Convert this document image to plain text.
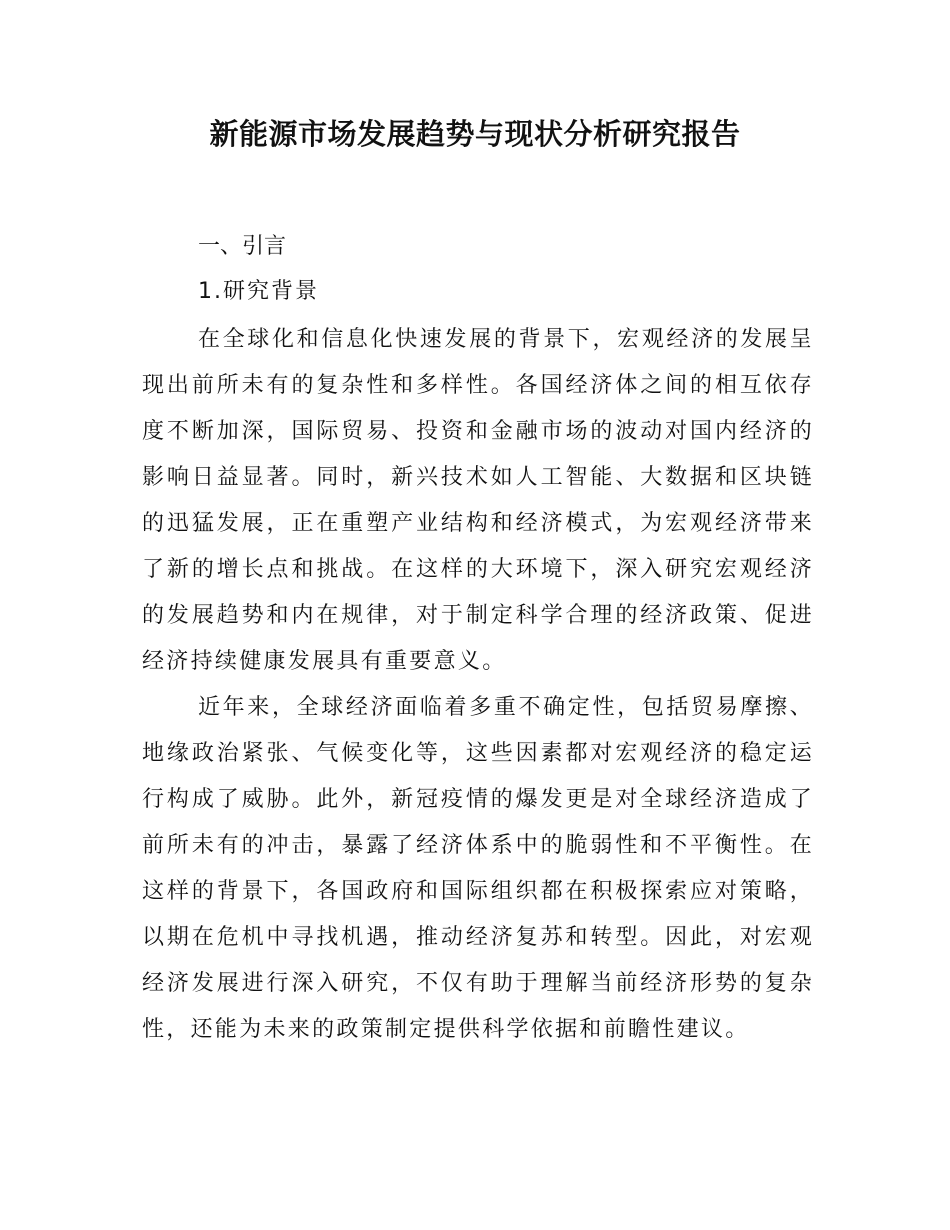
新能源市场发展趋势与现状分析研究报告
一、引言
1.研究背景

在全球化和信息化快速发展的背景下，宏观经济的发展呈现出前所未有的复杂性和多样性。各国经济体之间的相互依存度不断加深，国际贸易、投资和金融市场的波动对国内经济的影响日益显著。同时，新兴技术如人工智能、大数据和区块链的迅猛发展，正在重塑产业结构和经济模式，为宏观经济带来了新的增长点和挑战。在这样的大环境下，深入研究宏观经济的发展趋势和内在规律，对于制定科学合理的经济政策、促进经济持续健康发展具有重要意义。

近年来，全球经济面临着多重不确定性，包括贸易摩擦、地缘政治紧张、气候变化等，这些因素都对宏观经济的稳定运行构成了威胁。此外，新冠疫情的爆发更是对全球经济造成了前所未有的冲击，暴露了经济体系中的脆弱性和不平衡性。在这样的背景下，各国政府和国际组织都在积极探索应对策略，以期在危机中寻找机遇，推动经济复苏和转型。因此，对宏观经济发展进行深入研究，不仅有助于理解当前经济形势的复杂性，还能为未来的政策制定提供科学依据和前瞻性建议。
